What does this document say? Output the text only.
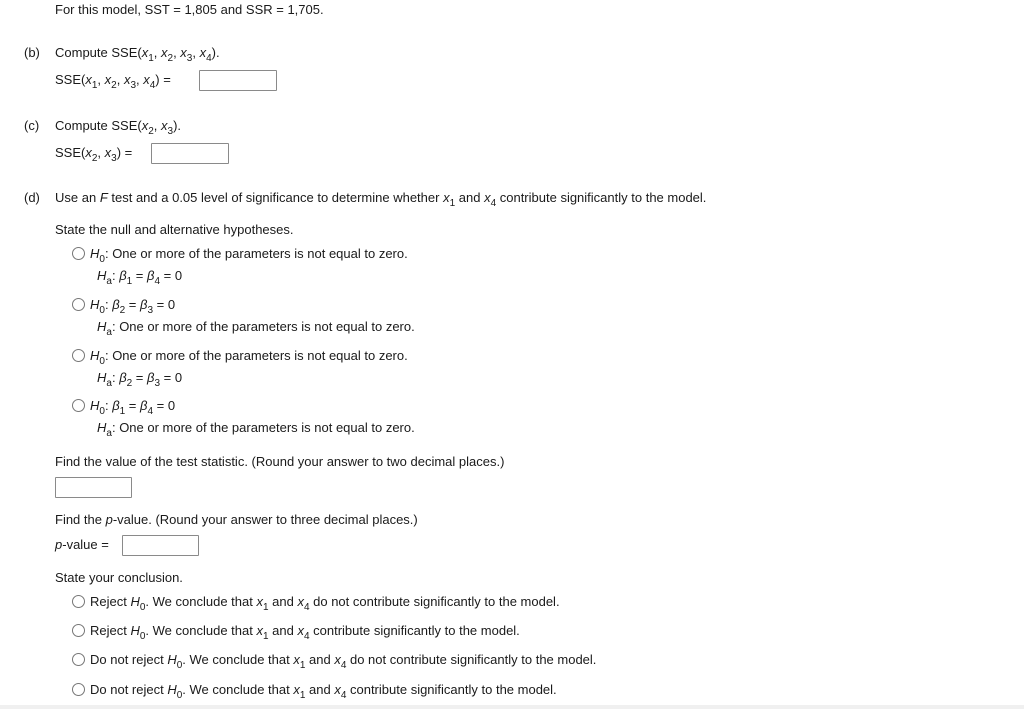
For this model, SST = 1,805 and SSR = 1,705.
(b) Compute $SSE(x_1$, $x_2$, $x_3$, $x_4$).
$SSE(x_1$, $x_2$, $x_3$, $x_4$) =
(c) Compute $SSE(x_2$, $x_3$).
$SSE(x_2$, $x_3$) =
(d) Use an F test and a 0.05 level of significance to determine whether $x_1$ and $x_4$ contribute significantly to the model.
State the null and alternative hypotheses.
$H_0$: One or more of the parameters is not equal to zero.
$H_a$: $\beta_1 = \beta_4 = 0$
$H_0$: $\beta_2 = \beta_3 = 0$
$H_a$: One or more of the parameters is not equal to zero.
$H_0$: One or more of the parameters is not equal to zero.
$H_a$: $\beta_2 = \beta_3 = 0$
$H_0$: $\beta_1 = \beta_4 = 0$
$H_a$: One or more of the parameters is not equal to zero.
Find the value of the test statistic. (Round your answer to two decimal places.)
Find the p-value. (Round your answer to three decimal places.)
p-value =
State your conclusion.
Reject $H_0$. We conclude that $x_1$ and $x_4$ do not contribute significantly to the model.
Reject $H_0$. We conclude that $x_1$ and $x_4$ contribute significantly to the model.
Do not reject $H_0$. We conclude that $x_1$ and $x_4$ do not contribute significantly to the model.
Do not reject $H_0$. We conclude that $x_1$ and $x_4$ contribute significantly to the model.
